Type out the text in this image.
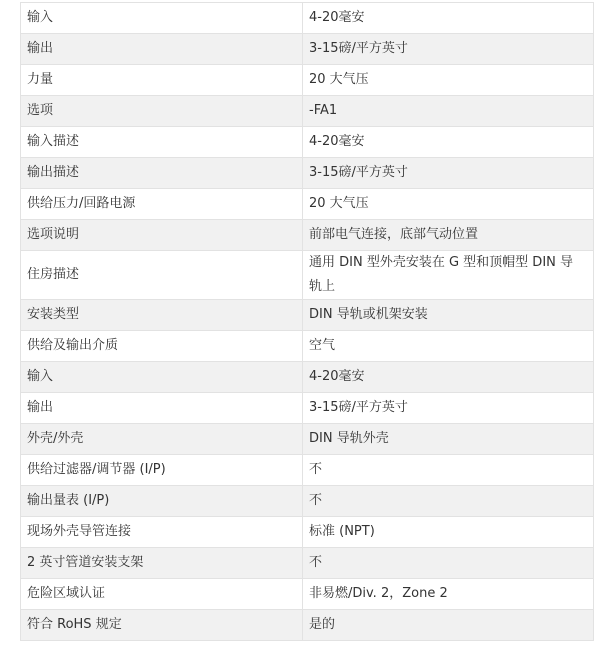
输入	4-20毫安
输出	3-15磅/平方英寸
力量	20 大气压
选项	-FA1
输入描述	4-20毫安
输出描述	3-15磅/平方英寸
供给压力/回路电源	20 大气压
选项说明	前部电气连接，底部气动位置
住房描述	通用 DIN 型外壳安装在 G 型和顶帽型 DIN 导轨上
安装类型	DIN 导轨或机架安装
供给及输出介质	空气
输入	4-20毫安
输出	3-15磅/平方英寸
外壳/外壳	DIN 导轨外壳
供给过滤器/调节器 (I/P)	不
输出量表 (I/P)	不
现场外壳导管连接	标准 (NPT)
2 英寸管道安装支架	不
危险区域认证	非易燃/Div. 2，Zone 2
符合 RoHS 规定	是的
